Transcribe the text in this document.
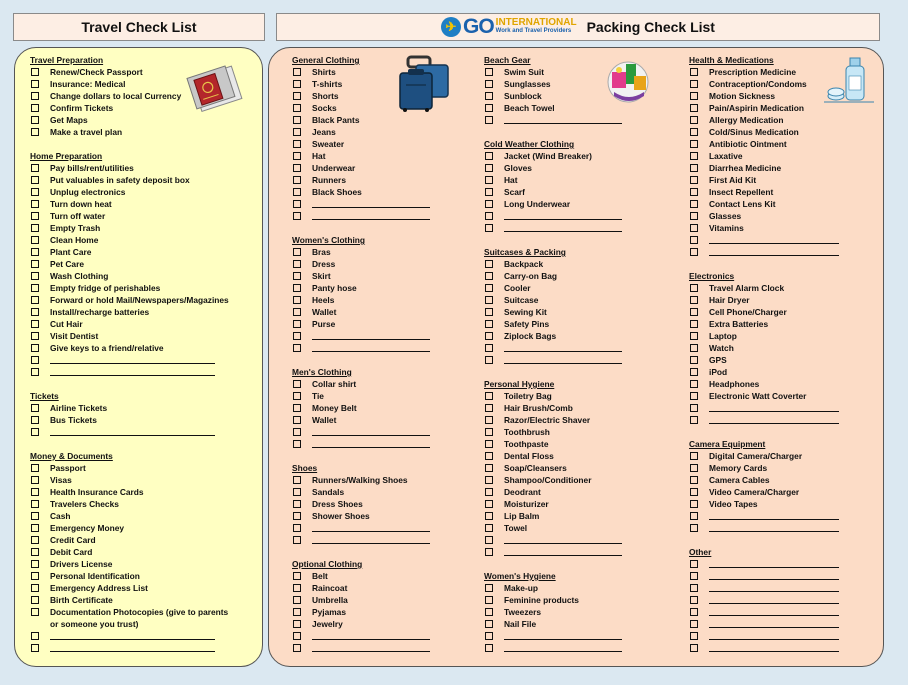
Travel Check List	✈ GO INTERNATIONAL
Work and Travel Providers	Packing Check List
Travel Preparation
Renew/Check Passport
Insurance: Medical
Change dollars to local Currency
Confirm Tickets
Get Maps
Make a travel plan
Home Preparation
Pay bills/rent/utilities
Put valuables in safety deposit box
Unplug electronics
Turn down heat
Turn off water
Empty Trash
Clean Home
Plant Care
Pet Care
Wash Clothing
Empty fridge of perishables
Forward or hold Mail/Newspapers/Magazines
Install/recharge batteries
Cut Hair
Visit Dentist
Give keys to a friend/relative
Tickets
Airline Tickets
Bus Tickets
Money & Documents
Passport
Visas
Health Insurance Cards
Travelers Checks
Cash
Emergency Money
Credit Card
Debit Card
Drivers License
Personal Identification
Emergency Address List
Birth Certificate
Documentation Photocopies (give to parents or someone you trust)
General Clothing
Shirts
T-shirts
Shorts
Socks
Black Pants
Jeans
Sweater
Hat
Underwear
Runners
Black Shoes
Women's Clothing
Bras
Dress
Skirt
Panty hose
Heels
Wallet
Purse
Men's Clothing
Collar shirt
Tie
Money Belt
Wallet
Shoes
Runners/Walking Shoes
Sandals
Dress Shoes
Shower Shoes
Optional Clothing
Belt
Raincoat
Umbrella
Pyjamas
Jewelry
Beach Gear
Swim Suit
Sunglasses
Sunblock
Beach Towel
Cold Weather Clothing
Jacket (Wind Breaker)
Gloves
Hat
Scarf
Long Underwear
Suitcases & Packing
Backpack
Carry-on Bag
Cooler
Suitcase
Sewing Kit
Safety Pins
Ziplock Bags
Personal Hygiene
Toiletry Bag
Hair Brush/Comb
Razor/Electric Shaver
Toothbrush
Toothpaste
Dental Floss
Soap/Cleansers
Shampoo/Conditioner
Deodrant
Moisturizer
Lip Balm
Towel
Women's Hygiene
Make-up
Feminine products
Tweezers
Nail File
Health & Medications
Prescription Medicine
Contraception/Condoms
Motion Sickness
Pain/Aspirin Medication
Allergy Medication
Cold/Sinus Medication
Antibiotic Ointment
Laxative
Diarrhea Medicine
First Aid Kit
Insect Repellent
Contact Lens Kit
Glasses
Vitamins
Electronics
Travel Alarm Clock
Hair Dryer
Cell Phone/Charger
Extra Batteries
Laptop
Watch
GPS
iPod
Headphones
Electronic Watt Coverter
Camera Equipment
Digital Camera/Charger
Memory Cards
Camera Cables
Video Camera/Charger
Video Tapes
Other
